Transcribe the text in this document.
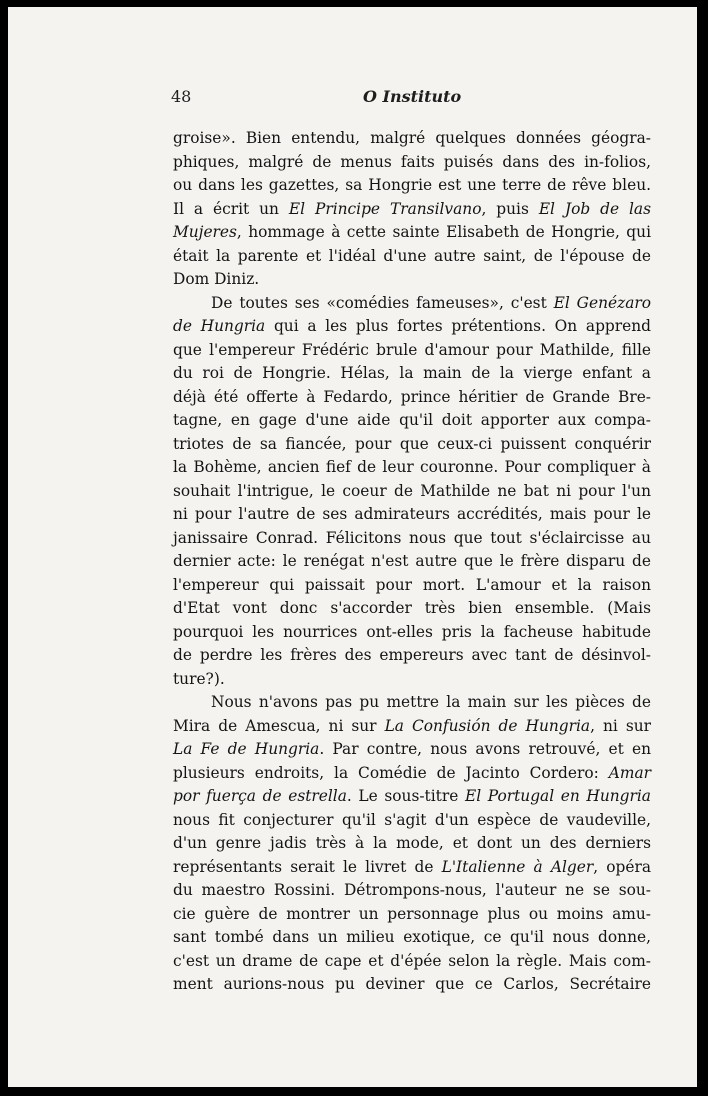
48	O Instituto
groise». Bien entendu, malgré quelques données géogra-
phiques, malgré de menus faits puisés dans des in-folios,
ou dans les gazettes, sa Hongrie est une terre de rêve bleu.
Il a écrit un El Principe Transilvano, puis El Job de las
Mujeres, hommage à cette sainte Elisabeth de Hongrie, qui
était la parente et l'idéal d'une autre saint, de l'épouse de
Dom Diniz.
De toutes ses «comédies fameuses», c'est El Genézaro
de Hungria qui a les plus fortes prétentions. On apprend
que l'empereur Frédéric brule d'amour pour Mathilde, fille
du roi de Hongrie. Hélas, la main de la vierge enfant a
déjà été offerte à Fedardo, prince héritier de Grande Bre-
tagne, en gage d'une aide qu'il doit apporter aux compa-
triotes de sa fiancée, pour que ceux-ci puissent conquérir
la Bohème, ancien fief de leur couronne. Pour compliquer à
souhait l'intrigue, le coeur de Mathilde ne bat ni pour l'un
ni pour l'autre de ses admirateurs accrédités, mais pour le
janissaire Conrad. Félicitons nous que tout s'éclaircisse au
dernier acte: le renégat n'est autre que le frère disparu de
l'empereur qui paissait pour mort. L'amour et la raison
d'Etat vont donc s'accorder très bien ensemble. (Mais
pourquoi les nourrices ont-elles pris la facheuse habitude
de perdre les frères des empereurs avec tant de désinvol-
ture?).
Nous n'avons pas pu mettre la main sur les pièces de
Mira de Amescua, ni sur La Confusión de Hungria, ni sur
La Fe de Hungria. Par contre, nous avons retrouvé, et en
plusieurs endroits, la Comédie de Jacinto Cordero: Amar
por fuerça de estrella. Le sous-titre El Portugal en Hungria
nous fit conjecturer qu'il s'agit d'un espèce de vaudeville,
d'un genre jadis très à la mode, et dont un des derniers
représentants serait le livret de L'Italienne à Alger, opéra
du maestro Rossini. Détrompons-nous, l'auteur ne se sou-
cie guère de montrer un personnage plus ou moins amu-
sant tombé dans un milieu exotique, ce qu'il nous donne,
c'est un drame de cape et d'épée selon la règle. Mais com-
ment aurions-nous pu deviner que ce Carlos, Secrétaire
